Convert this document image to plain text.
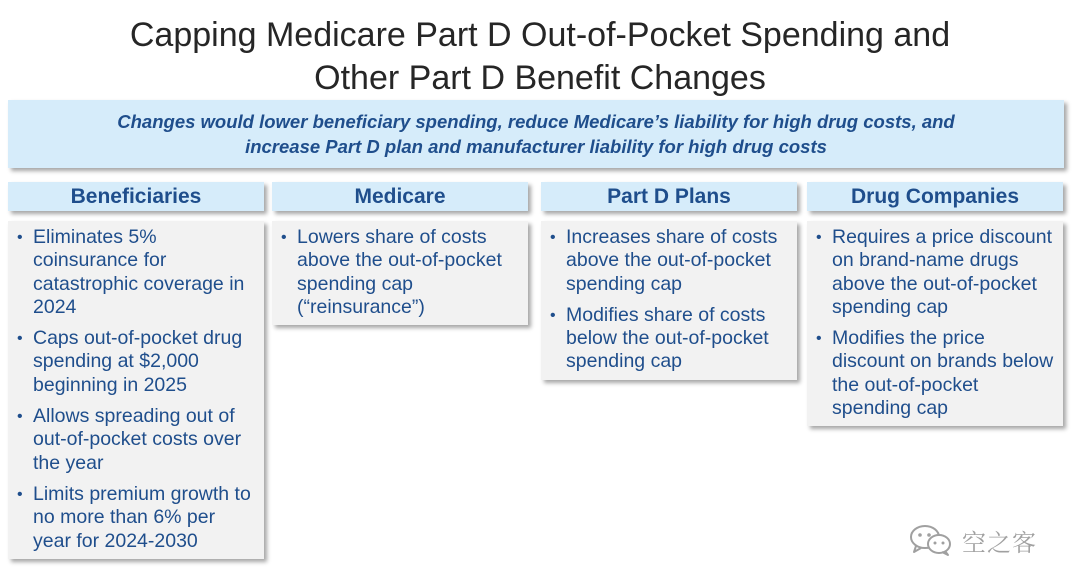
Capping Medicare Part D Out-of-Pocket Spending and
Other Part D Benefit Changes
Changes would lower beneficiary spending, reduce Medicare’s liability for high drug costs, and
increase Part D plan and manufacturer liability for high drug costs
Beneficiaries
• Eliminates 5% coinsurance for catastrophic coverage in 2024
• Caps out-of-pocket drug spending at $2,000 beginning in 2025
• Allows spreading out of out-of-pocket costs over the year
• Limits premium growth to no more than 6% per year for 2024-2030
Medicare
• Lowers share of costs above the out-of-pocket spending cap (“reinsurance”)
Part D Plans
• Increases share of costs above the out-of-pocket spending cap
• Modifies share of costs below the out-of-pocket spending cap
Drug Companies
• Requires a price discount on brand-name drugs above the out-of-pocket spending cap
• Modifies the price discount on brands below the out-of-pocket spending cap
空之客
